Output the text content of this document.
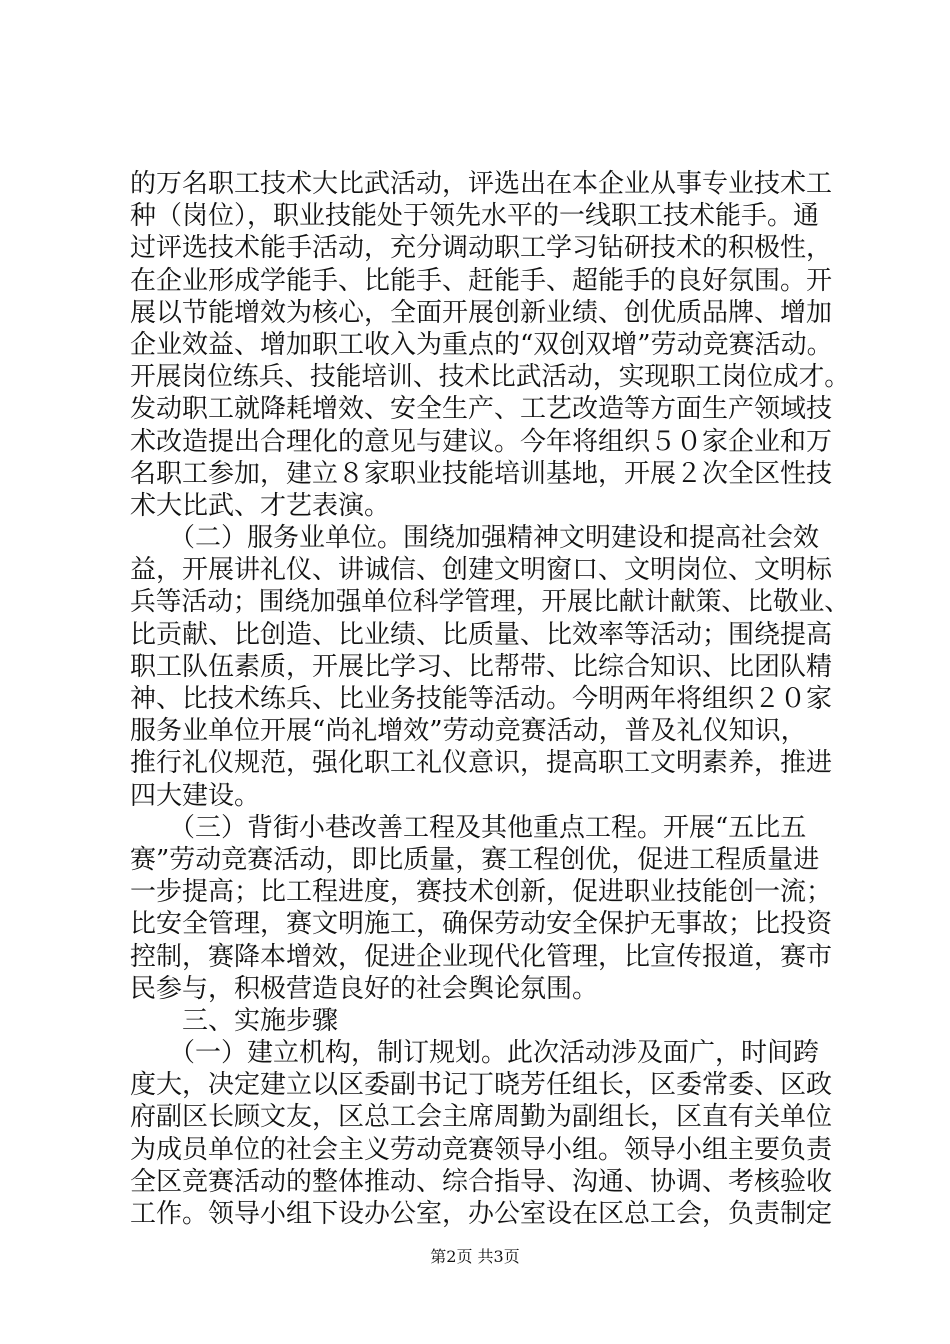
的万名职工技术大比武活动，评选出在本企业从事专业技术工
种（岗位），职业技能处于领先水平的一线职工技术能手。通
过评选技术能手活动，充分调动职工学习钻研技术的积极性，
在企业形成学能手、比能手、赶能手、超能手的良好氛围。开
展以节能增效为核心，全面开展创新业绩、创优质品牌、增加
企业效益、增加职工收入为重点的“双创双增”劳动竞赛活动。
开展岗位练兵、技能培训、技术比武活动，实现职工岗位成才。
发动职工就降耗增效、安全生产、工艺改造等方面生产领域技
术改造提出合理化的意见与建议。今年将组织５０家企业和万
名职工参加，建立８家职业技能培训基地，开展２次全区性技
术大比武、才艺表演。
　　（二）服务业单位。围绕加强精神文明建设和提高社会效
益，开展讲礼仪、讲诚信、创建文明窗口、文明岗位、文明标
兵等活动；围绕加强单位科学管理，开展比献计献策、比敬业、
比贡献、比创造、比业绩、比质量、比效率等活动；围绕提高
职工队伍素质，开展比学习、比帮带、比综合知识、比团队精
神、比技术练兵、比业务技能等活动。今明两年将组织２０家
服务业单位开展“尚礼增效”劳动竞赛活动，普及礼仪知识，
推行礼仪规范，强化职工礼仪意识，提高职工文明素养，推进
四大建设。
　　（三）背街小巷改善工程及其他重点工程。开展“五比五
赛”劳动竞赛活动，即比质量，赛工程创优，促进工程质量进
一步提高；比工程进度，赛技术创新，促进职业技能创一流；
比安全管理，赛文明施工，确保劳动安全保护无事故；比投资
控制，赛降本增效，促进企业现代化管理，比宣传报道，赛市
民参与，积极营造良好的社会舆论氛围。
　　三、实施步骤
　　（一）建立机构，制订规划。此次活动涉及面广，时间跨
度大，决定建立以区委副书记丁晓芳任组长，区委常委、区政
府副区长顾文友，区总工会主席周勤为副组长，区直有关单位
为成员单位的社会主义劳动竞赛领导小组。领导小组主要负责
全区竞赛活动的整体推动、综合指导、沟通、协调、考核验收
工作。领导小组下设办公室，办公室设在区总工会，负责制定
第2页 共3页
